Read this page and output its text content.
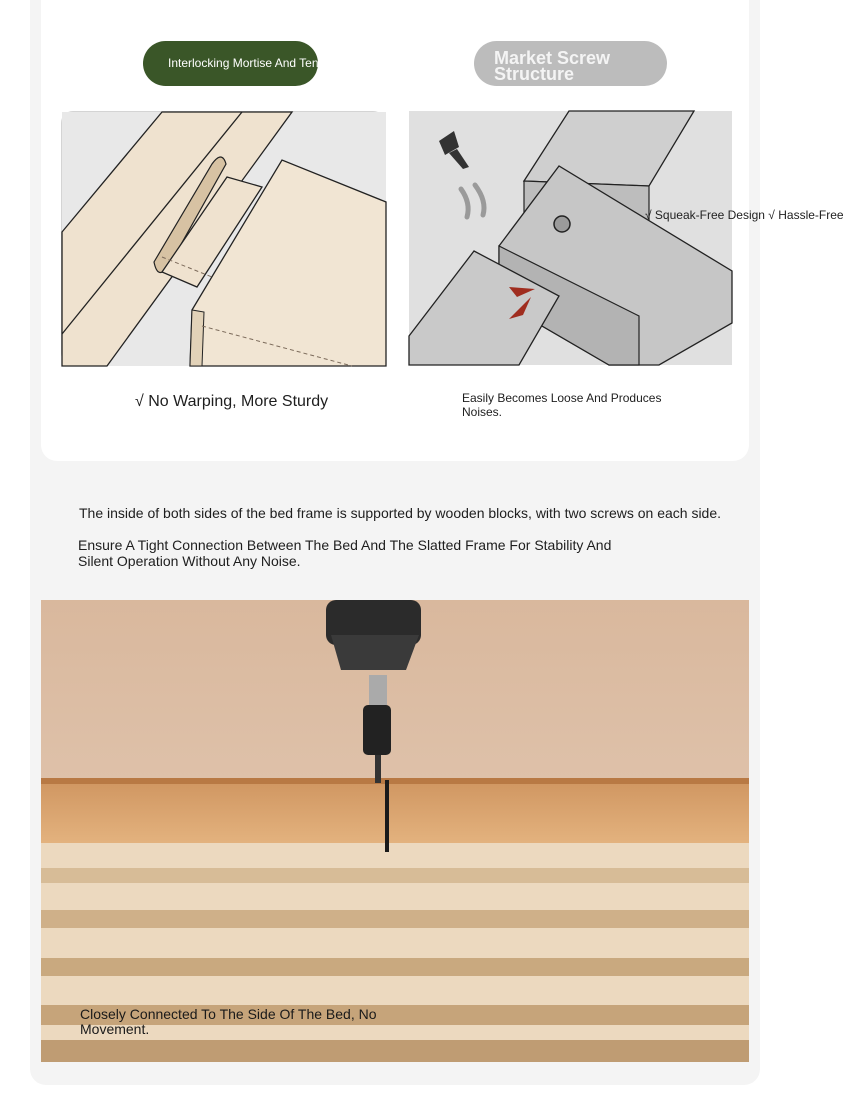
Interlocking Mortise And Tenon	Market Screw Structure
√ Squeak-Free Design √ Hassle-Free
√ No Warping, More Sturdy	Easily Becomes Loose And Produces Noises.
The inside of both sides of the bed frame is supported by wooden blocks, with two screws on each side.
Ensure A Tight Connection Between The Bed And The Slatted Frame For Stability And Silent Operation Without Any Noise.
Closely Connected To The Side Of The Bed, No Movement.
